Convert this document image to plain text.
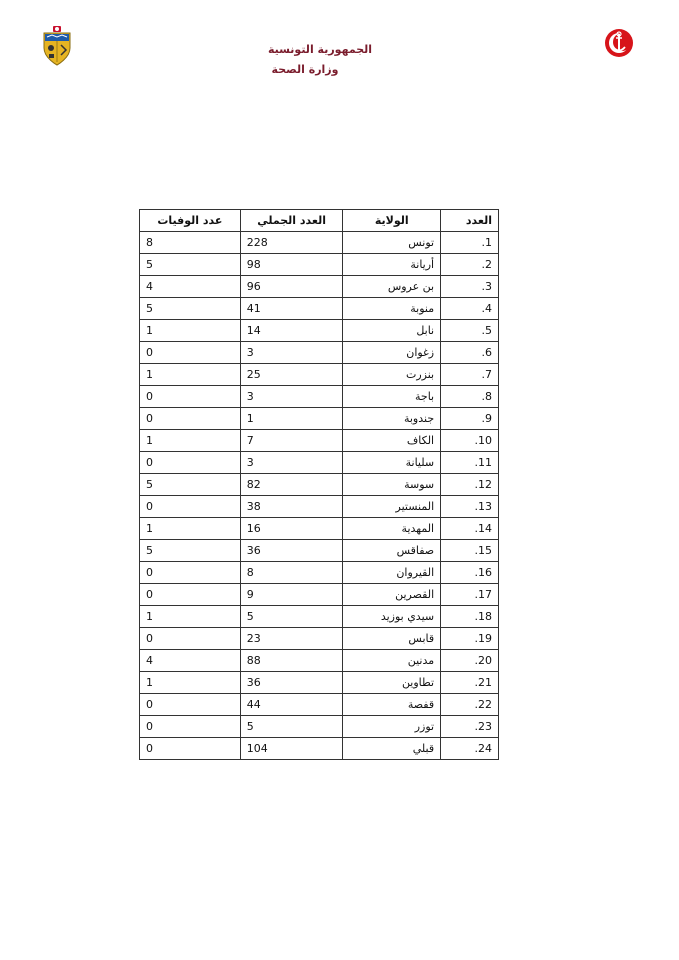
الجمهورية التونسية
وزارة الصحة
العدد	الولاية	العدد الجملي	عدد الوفيات
1.	تونس	228	8
2.	أريانة	98	5
3.	بن عروس	96	4
4.	منوبة	41	5
5.	نابل	14	1
6.	زغوان	3	0
7.	بنزرت	25	1
8.	باجة	3	0
9.	جندوبة	1	0
10.	الكاف	7	1
11.	سليانة	3	0
12.	سوسة	82	5
13.	المنستير	38	0
14.	المهدية	16	1
15.	صفاقس	36	5
16.	القيروان	8	0
17.	القصرين	9	0
18.	سيدي بوزيد	5	1
19.	قابس	23	0
20.	مدنين	88	4
21.	تطاوين	36	1
22.	قفصة	44	0
23.	توزر	5	0
24.	قبلي	104	0
